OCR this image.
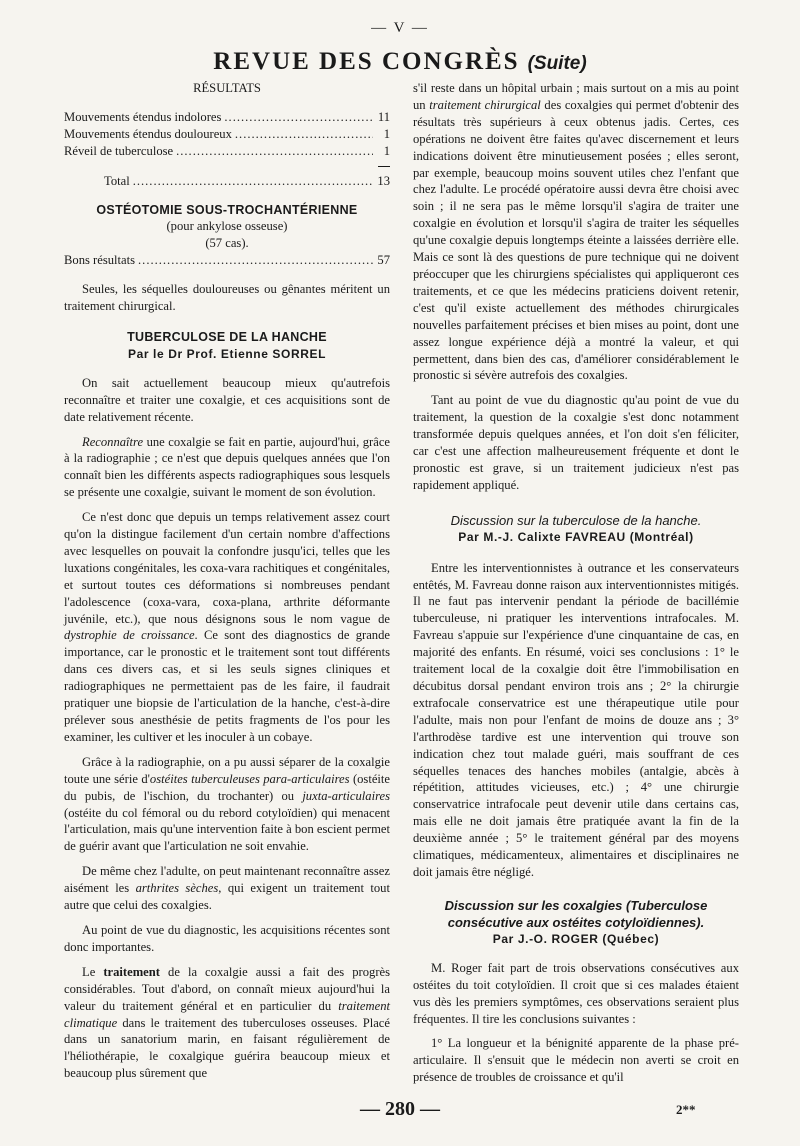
— V —
REVUE DES CONGRÈS (Suite)

RÉSULTATS

Mouvements étendus indolores .....	11
Mouvements étendus douloureux .....	1
Réveil de tuberculose .....	1
Total .....	13
OSTÉOTOMIE SOUS-TROCHANTÉRIENNE
(pour ankylose osseuse)
(57 cas).
Bons résultats .....	57

Seules, les séquelles douloureuses ou gênantes méritent un traitement chirurgical.

TUBERCULOSE DE LA HANCHE
Par le Dr Prof. Etienne SORREL

On sait actuellement beaucoup mieux qu'autrefois reconnaître et traiter une coxalgie, et ces acquisitions sont de date relativement récente.

Reconnaître une coxalgie se fait en partie, aujourd'hui, grâce à la radiographie ; ce n'est que depuis quelques années que l'on connaît bien les différents aspects radiographiques sous lesquels se présente une coxalgie, suivant le moment de son évolution.

Ce n'est donc que depuis un temps relativement assez court qu'on la distingue facilement d'un certain nombre d'affections avec lesquelles on pouvait la confondre jusqu'ici, telles que les luxations congénitales, les coxa-vara rachitiques et congénitales, et surtout toutes ces déformations si nombreuses pendant l'adolescence (coxa-vara, coxa-plana, arthrite déformante juvénile, etc.), que nous désignons sous le nom vague de dystrophie de croissance. Ce sont des diagnostics de grande importance, car le pronostic et le traitement sont tout différents dans ces divers cas, et si les seuls signes cliniques et radiographiques ne permettaient pas de les faire, il faudrait pratiquer une biopsie de l'articulation de la hanche, c'est-à-dire prélever sous anesthésie de petits fragments de l'os pour les examiner, les cultiver et les inoculer à un cobaye.

Grâce à la radiographie, on a pu aussi séparer de la coxalgie toute une série d'ostéites tuberculeuses para-articulaires (ostéite du pubis, de l'ischion, du trochanter) ou juxta-articulaires (ostéite du col fémoral ou du rebord cotyloïdien) qui menacent l'articulation, mais qu'une intervention faite à bon escient permet de guérir avant que l'articulation ne soit envahie.

De même chez l'adulte, on peut maintenant reconnaître assez aisément les arthrites sèches, qui exigent un traitement tout autre que celui des coxalgies.

Au point de vue du diagnostic, les acquisitions récentes sont donc importantes.

Le traitement de la coxalgie aussi a fait des progrès considérables. Tout d'abord, on connaît mieux aujourd'hui la valeur du traitement général et en particulier du traitement climatique dans le traitement des tuberculoses osseuses. Placé dans un sanatorium marin, en faisant régulièrement de l'héliothérapie, le coxalgique guérira beaucoup mieux et beaucoup plus sûrement que

s'il reste dans un hôpital urbain ; mais surtout on a mis au point un traitement chirurgical des coxalgies qui permet d'obtenir des résultats très supérieurs à ceux obtenus jadis. Certes, ces opérations ne doivent être faites qu'avec discernement et leurs indications doivent être minutieusement posées ; elles seront, par exemple, beaucoup moins souvent utiles chez l'enfant que chez l'adulte. Le procédé opératoire aussi devra être choisi avec soin ; il ne sera pas le même lorsqu'il s'agira de traiter une coxalgie en évolution et lorsqu'il s'agira de traiter les séquelles qu'une coxalgie depuis longtemps éteinte a laissées derrière elle. Mais ce sont là des questions de pure technique qui ne doivent préoccuper que les chirurgiens spécialistes qui appliqueront ces traitements, et ce que les médecins praticiens doivent retenir, c'est qu'il existe actuellement des méthodes chirurgicales nouvelles parfaitement précises et bien mises au point, dont une assez longue expérience déjà a montré la valeur, et qui permettent, dans bien des cas, d'améliorer considérablement le pronostic si sévère autrefois des coxalgies.

Tant au point de vue du diagnostic qu'au point de vue du traitement, la question de la coxalgie s'est donc notamment transformée depuis quelques années, et l'on doit s'en féliciter, car c'est une affection malheureusement fréquente et dont le pronostic est grave, si un traitement judicieux n'est pas rapidement appliqué.

Discussion sur la tuberculose de la hanche.
Par M.-J. Calixte FAVREAU (Montréal)

Entre les interventionnistes à outrance et les conservateurs entêtés, M. Favreau donne raison aux interventionnistes mitigés. Il ne faut pas intervenir pendant la période de bacillémie tuberculeuse, ni pratiquer les interventions intrafocales. M. Favreau s'appuie sur l'expérience d'une cinquantaine de cas, en majorité des enfants. En résumé, voici ses conclusions : 1° le traitement local de la coxalgie doit être l'immobilisation en décubitus dorsal pendant environ trois ans ; 2° la chirurgie extrafocale conservatrice est une thérapeutique utile pour l'adulte, mais non pour l'enfant de moins de douze ans ; 3° l'arthrodèse tardive est une intervention qui trouve son indication chez tout malade guéri, mais souffrant de ces séquelles tenaces des hanches mobiles (antalgie, abcès à répétition, attitudes vicieuses, etc.) ; 4° une chirurgie conservatrice intrafocale peut devenir utile dans certains cas, mais elle ne doit jamais être pratiquée avant la fin de la deuxième année ; 5° le traitement général par des moyens climatiques, médicamenteux, alimentaires et disciplinaires ne doit jamais être négligé.

Discussion sur les coxalgies (Tuberculose consécutive aux ostéites cotyloïdiennes).
Par J.-O. ROGER (Québec)

M. Roger fait part de trois observations consécutives aux ostéites du toit cotyloïdien. Il croit que si ces malades étaient vus dès les premiers symptômes, ces observations seraient plus fréquentes. Il tire les conclusions suivantes :

1° La longueur et la bénignité apparente de la phase pré-articulaire. Il s'ensuit que le médecin non averti se croit en présence de troubles de croissance et qu'il

— 280 —	2**
